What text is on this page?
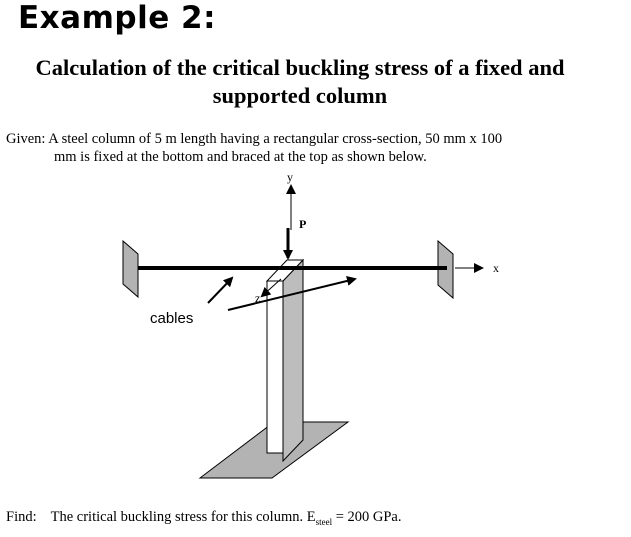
Example 2:
Calculation of the critical buckling stress of a fixed and
supported column
Given: A steel column of 5 m length having a rectangular cross-section, 50 mm x 100
mm is fixed at the bottom and braced at the top as shown below.
y
x
z
P
cables
Find: The critical buckling stress for this column. $E_{steel} = 200$ GPa.
